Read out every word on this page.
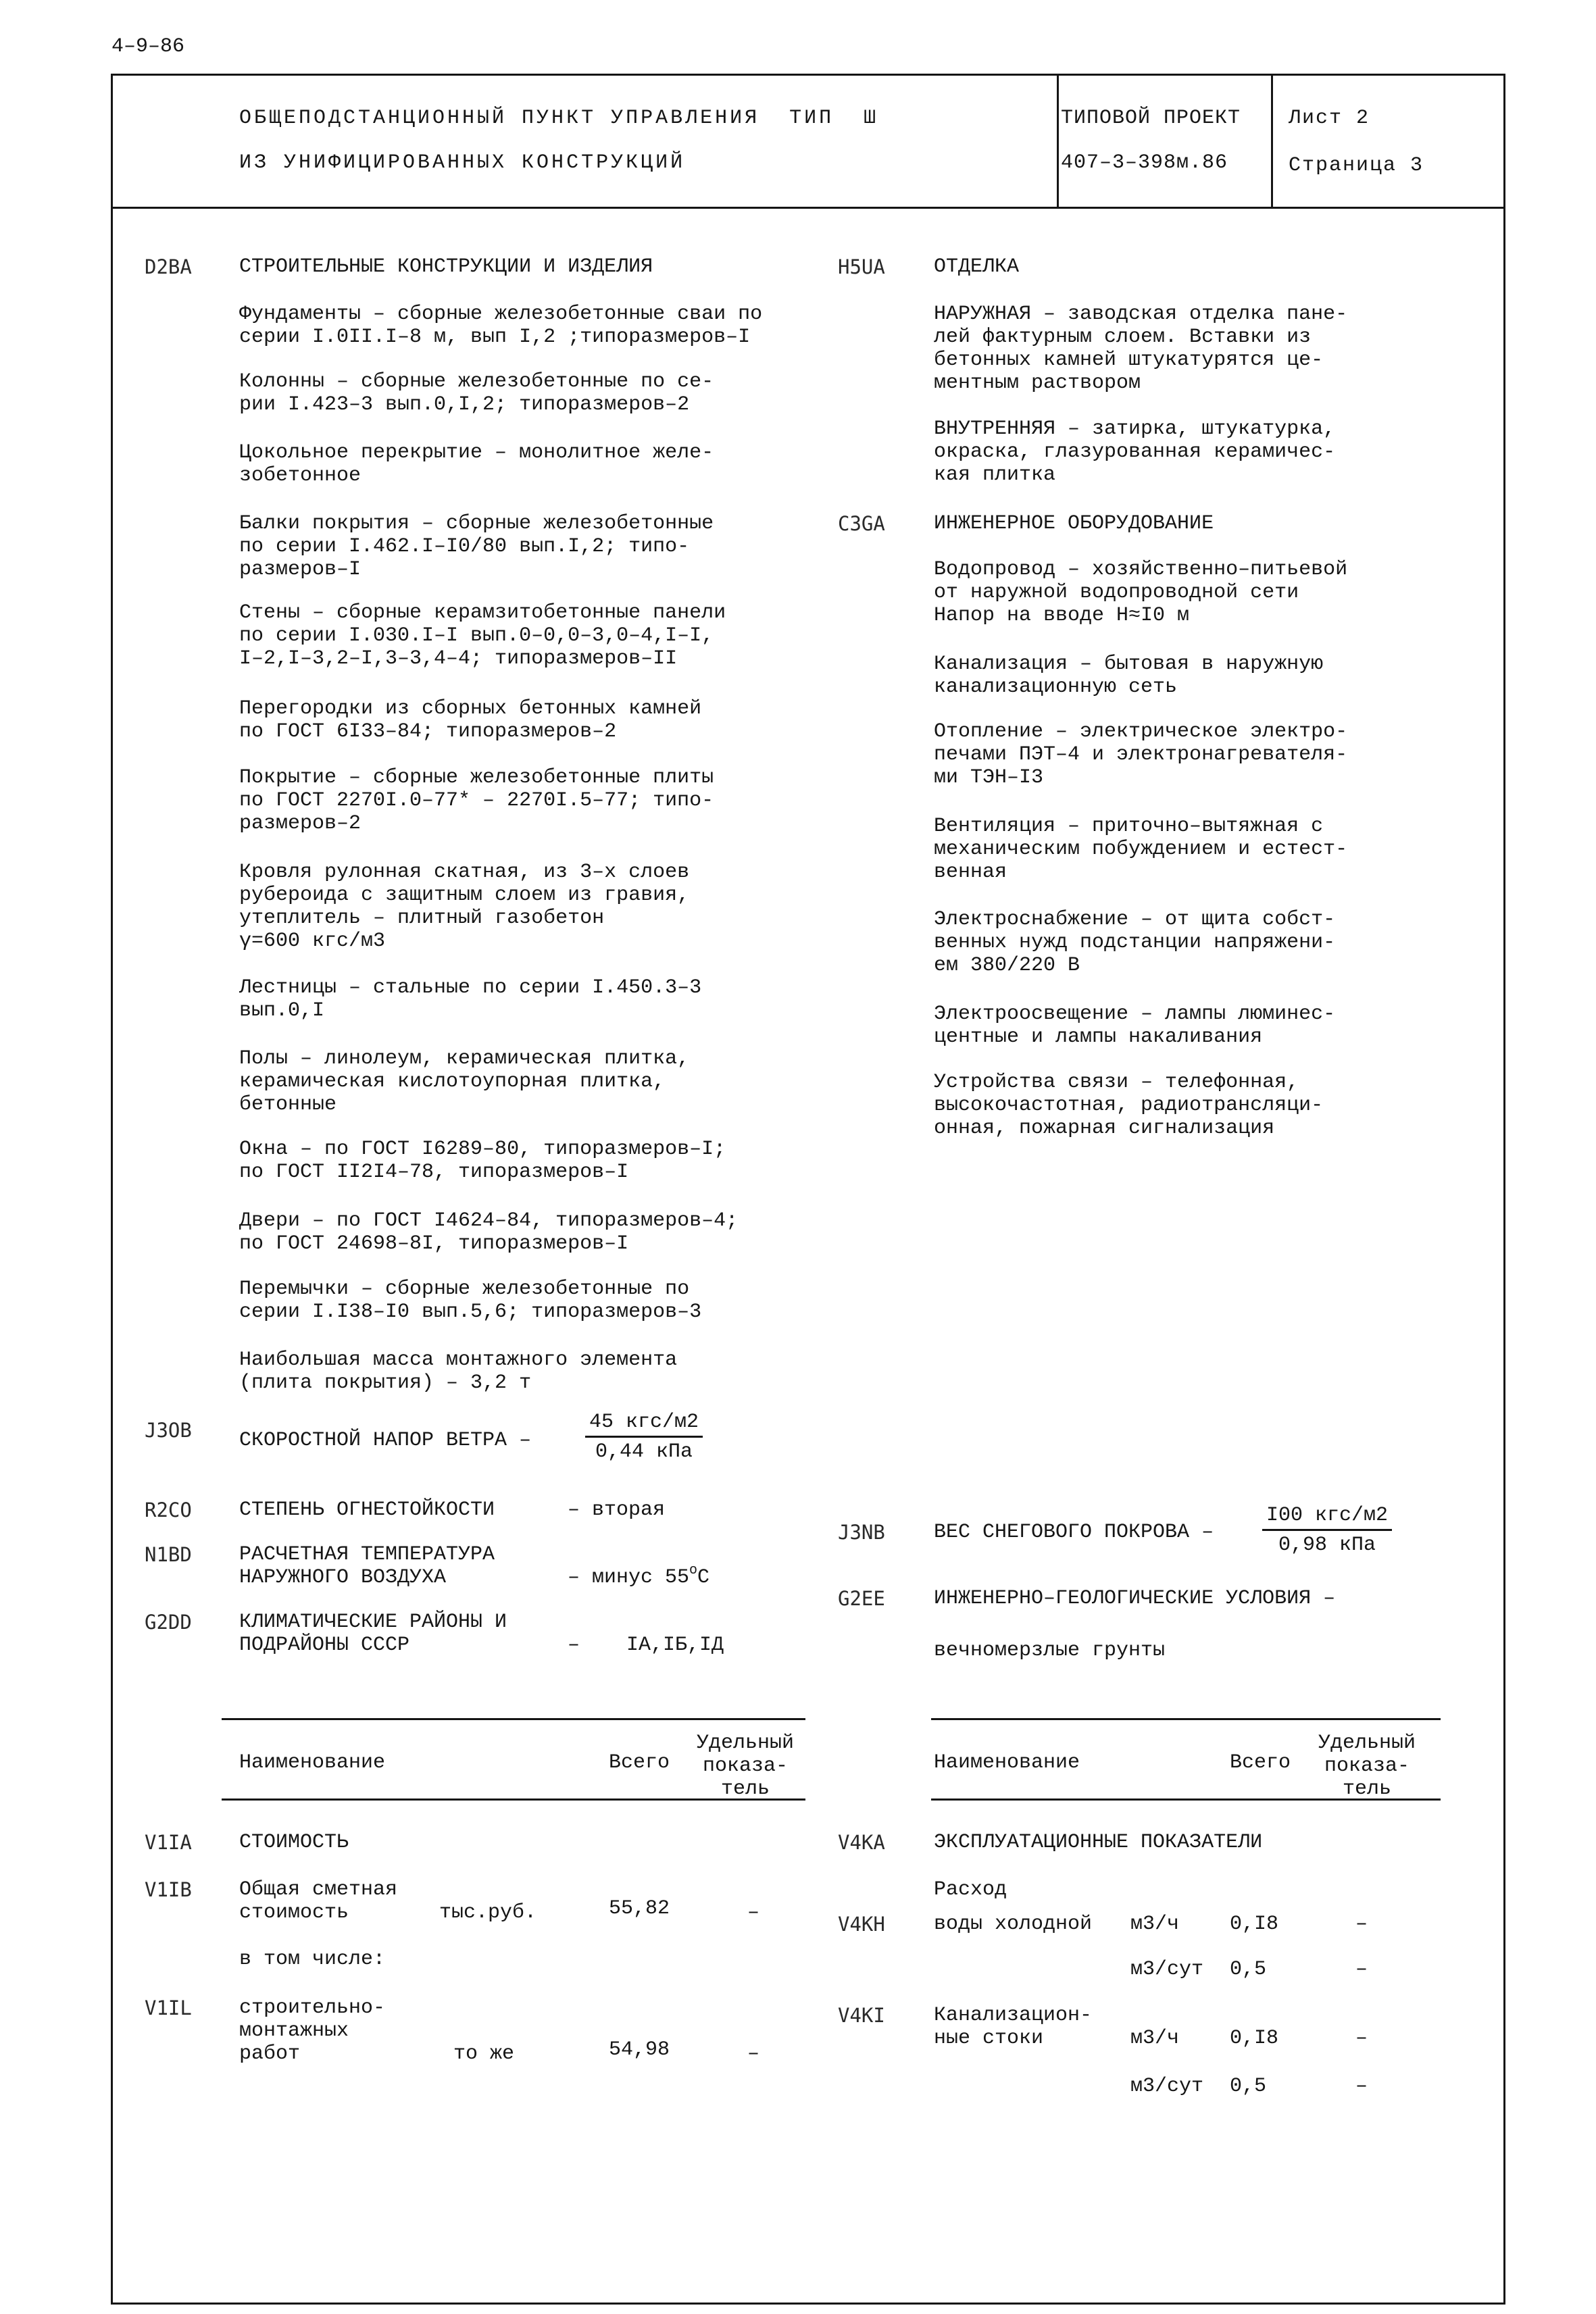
4–9–86
ОБЩЕПОДСТАНЦИОННЫЙ ПУНКТ УПРАВЛЕНИЯ  ТИП  Ш
ИЗ УНИФИЦИРОВАННЫХ КОНСТРУКЦИЙ
ТИПОВОЙ ПРОЕКТ
407–3–398м.86
Лист 2
Страница 3
D2BA СТРОИТЕЛЬНЫЕ КОНСТРУКЦИИ И ИЗДЕЛИЯ
Фундаменты – сборные железобетонные сваи по
серии I.0II.I–8 м, вып I,2 ;типоразмеров–I
Колонны – сборные железобетонные по се-
рии I.423–3 вып.0,I,2; типоразмеров–2
Цокольное перекрытие – монолитное желе-
зобетонное
Балки покрытия – сборные железобетонные
по серии I.462.I–I0/80 вып.I,2; типо-
размеров–I
Стены – сборные керамзитобетонные панели
по серии I.030.I–I вып.0–0,0–3,0–4,I–I,
I–2,I–3,2–I,3–3,4–4; типоразмеров–II
Перегородки из сборных бетонных камней
по ГОСТ 6I33–84; типоразмеров–2
Покрытие – сборные железобетонные плиты
по ГОСТ 2270I.0–77* – 2270I.5–77; типо-
размеров–2
Кровля рулонная скатная, из 3–х слоев
рубероида с защитным слоем из гравия,
утеплитель – плитный газобетон
γ=600 кгс/м3
Лестницы – стальные по серии I.450.3–3
вып.0,I
Полы – линолеум, керамическая плитка,
керамическая кислотоупорная плитка,
бетонные
Окна – по ГОСТ I6289–80, типоразмеров–I;
по ГОСТ II2I4–78, типоразмеров–I
Двери – по ГОСТ I4624–84, типоразмеров–4;
по ГОСТ 24698–8I, типоразмеров–I
Перемычки – сборные железобетонные по
серии I.I38–I0 вып.5,6; типоразмеров–3
Наибольшая масса монтажного элемента
(плита покрытия) – 3,2 т
H5UA ОТДЕЛКА
НАРУЖНАЯ – заводская отделка пане-
лей фактурным слоем. Вставки из
бетонных камней штукатурятся це-
ментным раствором
ВНУТРЕННЯЯ – затирка, штукатурка,
окраска, глазурованная керамичес-
кая плитка
C3GA ИНЖЕНЕРНОЕ ОБОРУДОВАНИЕ
Водопровод – хозяйственно–питьевой
от наружной водопроводной сети
Напор на вводе Н≈I0 м
Канализация – бытовая в наружную
канализационную сеть
Отопление – электрическое электро-
печами ПЭТ–4 и электронагревателя-
ми ТЭН–I3
Вентиляция – приточно–вытяжная с
механическим побуждением и естест-
венная
Электроснабжение – от щита собст-
венных нужд подстанции напряжени-
ем 380/220 В
Электроосвещение – лампы люминес-
центные и лампы накаливания
Устройства связи – телефонная,
высокочастотная, радиотрансляци-
онная, пожарная сигнализация
J3OB СКОРОСТНОЙ НАПОР ВЕТРА –
45 кгс/м2
0,44 кПа
R2CO СТЕПЕНЬ ОГНЕСТОЙКОСТИ	– вторая
N1BD РАСЧЕТНАЯ ТЕМПЕРАТУРА
НАРУЖНОГО ВОЗДУХА	– минус $55^оС$
G2DD КЛИМАТИЧЕСКИЕ РАЙОНЫ И
ПОДРАЙОНЫ СССР	– IА,IБ,IД
J3NB ВЕС СНЕГОВОГО ПОКРОВА –
I00 кгс/м2
0,98 кПа
G2EE ИНЖЕНЕРНО–ГЕОЛОГИЧЕСКИЕ УСЛОВИЯ –
вечномерзлые грунты
Наименование	Всего
Удельный
показа-
тель
V1IA СТОИМОСТЬ
V1IB Общая сметная
стоимость	тыс.руб.	55,82	–
в том числе:
V1IL строительно-
монтажных
работ	то же	54,98	–
Наименование	Всего
Удельный
показа-
тель
V4KA ЭКСПЛУАТАЦИОННЫЕ ПОКАЗАТЕЛИ
Расход
V4KH воды холодной м3/ч 0,I8	–
м3/сут 0,5	–
V4KI Канализацион-
ные стоки	м3/ч 0,I8	–
м3/сут 0,5	–
